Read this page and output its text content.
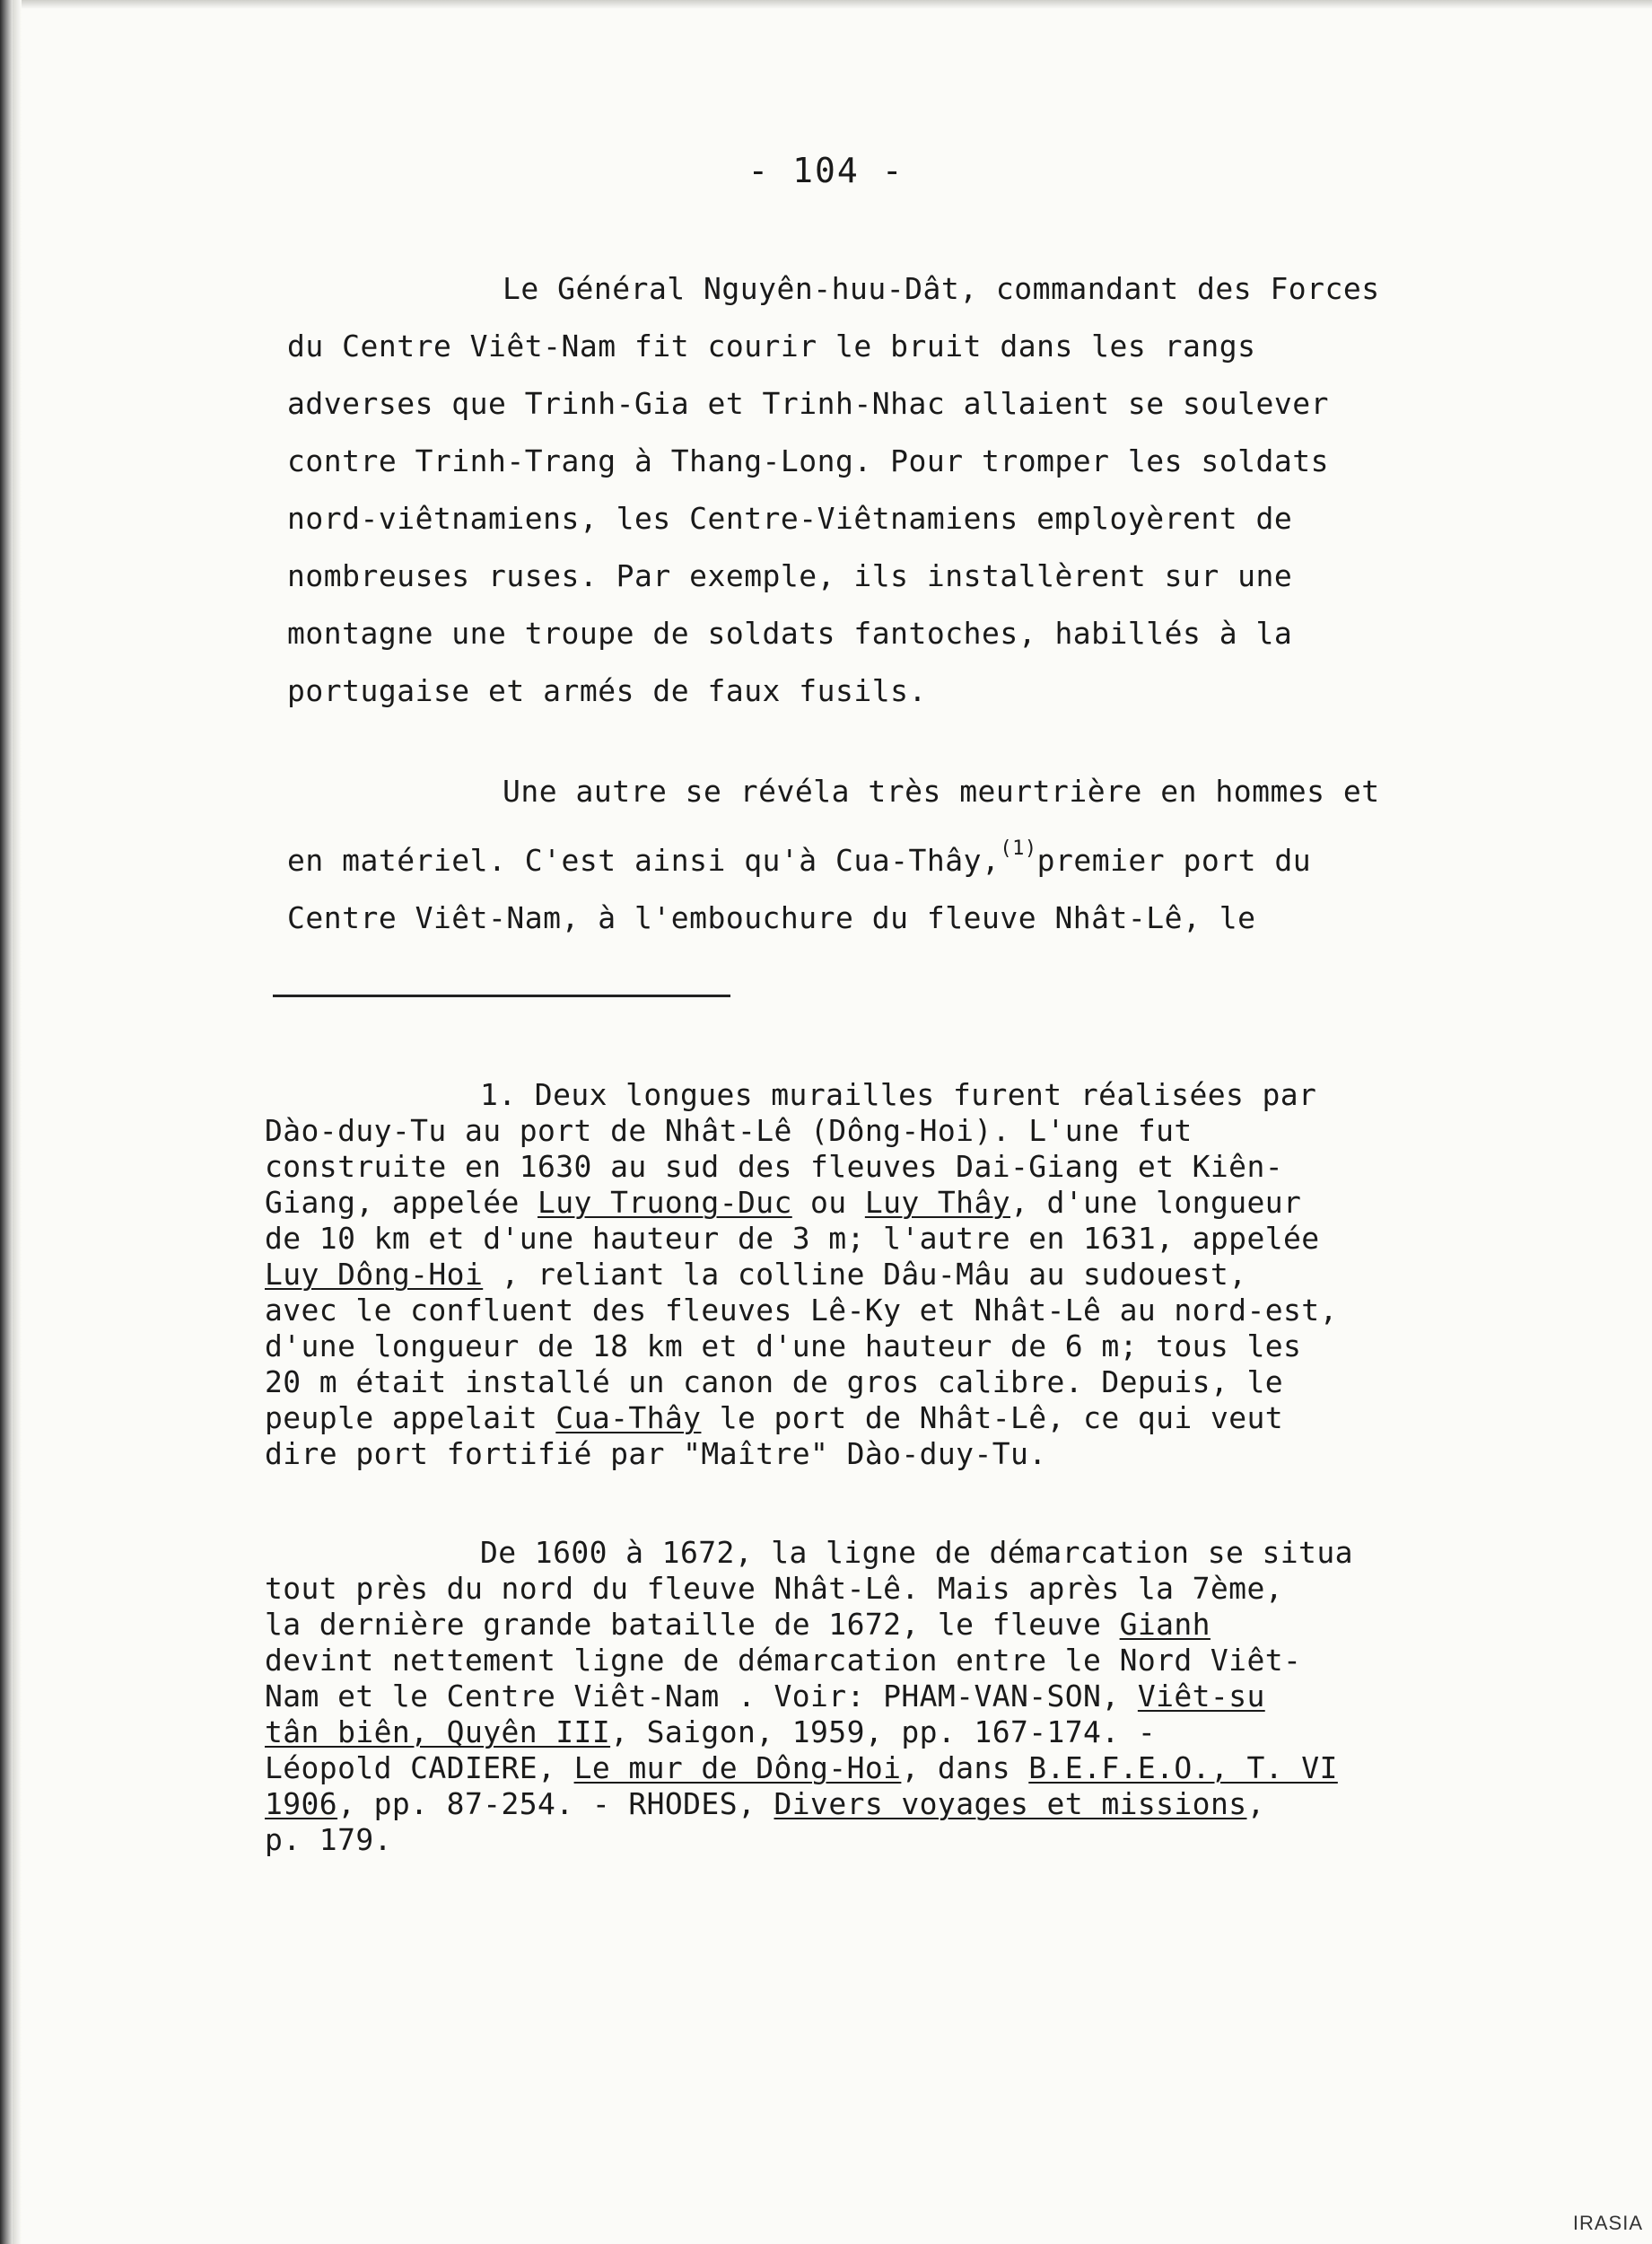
- 104 -
Le Général Nguyên-huu-Dât, commandant des Forces
du Centre Viêt-Nam fit courir le bruit dans les rangs
adverses que Trinh-Gia et Trinh-Nhac allaient se soulever
contre Trinh-Trang à Thang-Long. Pour tromper les soldats
nord-viêtnamiens, les Centre-Viêtnamiens employèrent de
nombreuses ruses. Par exemple, ils installèrent sur une
montagne une troupe de soldats fantoches, habillés à la
portugaise et armés de faux fusils.
Une autre se révéla très meurtrière en hommes et
en matériel. C'est ainsi qu'à Cua-Thây,$^{(1)}$premier port du
Centre Viêt-Nam, à l'embouchure du fleuve Nhât-Lê, le
1. Deux longues murailles furent réalisées par
Dào-duy-Tu au port de Nhât-Lê (Dông-Hoi). L'une fut
construite en 1630 au sud des fleuves Dai-Giang et Kiên-
Giang, appelée Luy Truong-Duc ou Luy Thây, d'une longueur
de 10 km et d'une hauteur de 3 m; l'autre en 1631, appelée
Luy Dông-Hoi , reliant la colline Dâu-Mâu au sudouest,
avec le confluent des fleuves Lê-Ky et Nhât-Lê au nord-est,
d'une longueur de 18 km et d'une hauteur de 6 m; tous les
20 m était installé un canon de gros calibre. Depuis, le
peuple appelait Cua-Thây le port de Nhât-Lê, ce qui veut
dire port fortifié par "Maître" Dào-duy-Tu.
De 1600 à 1672, la ligne de démarcation se situa
tout près du nord du fleuve Nhât-Lê. Mais après la 7ème,
la dernière grande bataille de 1672, le fleuve Gianh
devint nettement ligne de démarcation entre le Nord Viêt-
Nam et le Centre Viêt-Nam . Voir: PHAM-VAN-SON, Viêt-su
tân biên, Quyên III, Saigon, 1959, pp. 167-174. -
Léopold CADIERE, Le mur de Dông-Hoi, dans B.E.F.E.O., T. VI
1906, pp. 87-254. - RHODES, Divers voyages et missions,
p. 179.
IRASIA
